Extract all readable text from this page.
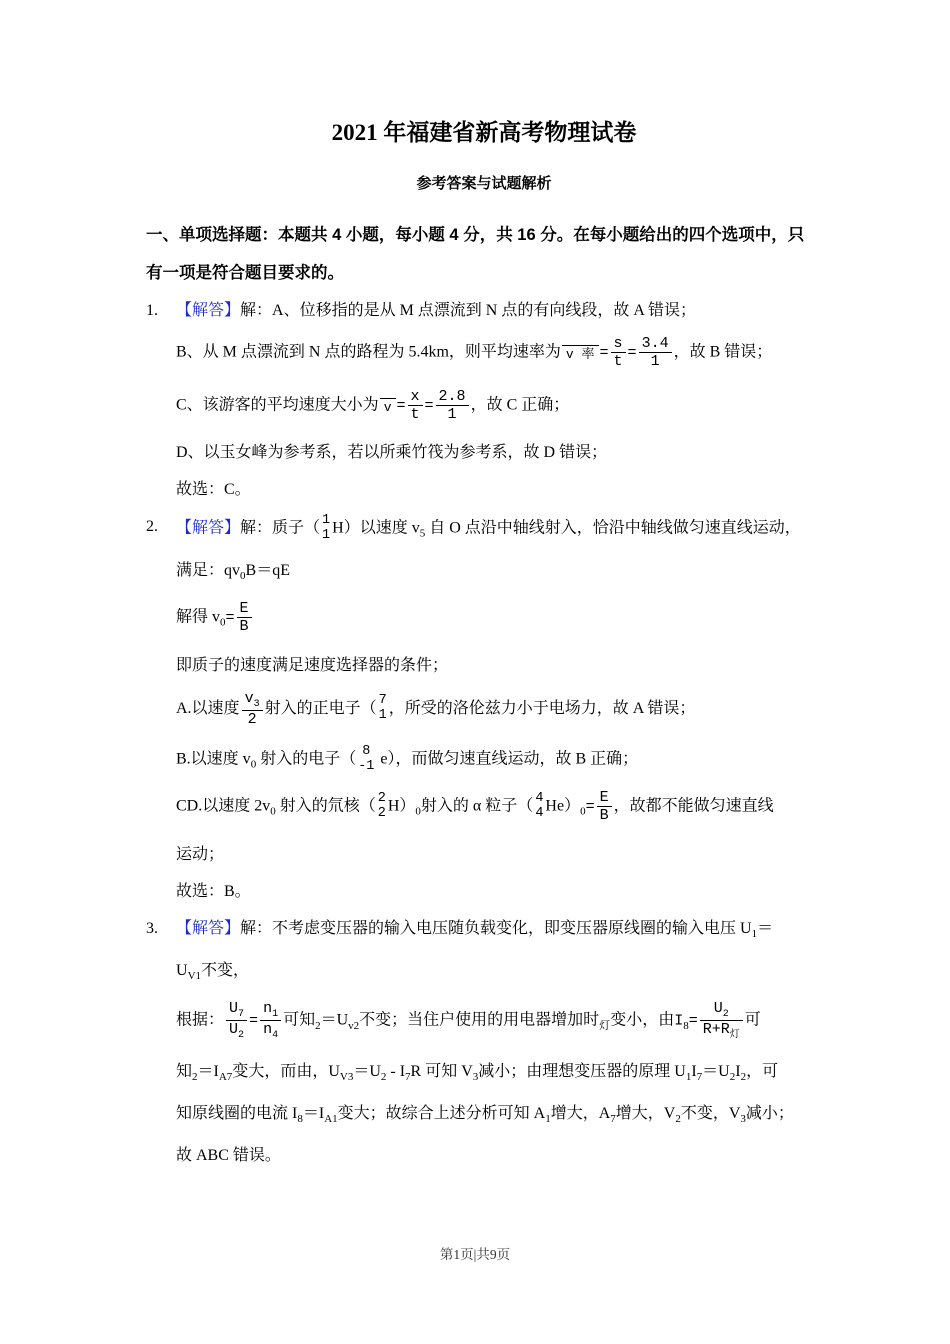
2021 年福建省新高考物理试卷
参考答案与试题解析
一、单项选择题：本题共 4 小题，每小题 4 分，共 16 分。在每小题给出的四个选项中，只
有一项是符合题目要求的。
1. 【解答】解：A、位移指的是从 M 点漂流到 N 点的有向线段，故 A 错误；
B、从 M 点漂流到 N 点的路程为 5.4km，则平均速率为 v 率 = $\frac{s}{t} = \frac{3.4}{1}$ ，故 B 错误；
C、该游客的平均速度大小为 $v = \frac{x}{t} = \frac{2.8}{1}$ ，故 C 正确；
D、以玉女峰为参考系，若以所乘竹筏为参考系，故 D 错误；
故选：C。
2. 【解答】解：质子（ 1
1 H）以速度 $v_5$ 自 O 点沿中轴线射入，恰沿中轴线做匀速直线运动，
满足：$qv_0B=qE$
解得 $v_0= \frac{E}{B}$
即质子的速度满足速度选择器的条件；
A.以速度 $\frac{v_3}{2}$ 射入的正电子（ 7
1 ，所受的洛伦兹力小于电场力，故 A 错误；
B.以速度 $v_0$ 射入的电子（ 8
-1 e），而做匀速直线运动，故 B 正确；
CD.以速度 $2v_0$ 射入的氘核（ 2
2 $H)_0$射入的 α 粒子（ 4
4 $He)_0= \frac{E}{B}$ ，故都不能做匀速直线
运动；
故选：B。
3. 【解答】解：不考虑变压器的输入电压随负载变化，即变压器原线圈的输入电压 $U_1=$
$U_{V1}$不变，
根据： $\frac{U_7}{U_2} = \frac{n_1}{n_4}$ 可知$_2=U_{v2}$不变；当住户使用的用电器增加时$_灯$变小，由$I_8= \frac{U_2}{R+R_灯}$ 可
知$_2=I_{A7}$变大，而由，$U_{V3}=U_2 - I_7R$ 可知 $V_3$减小；由理想变压器的原理 $U_1I_7=U_2I_2$，可
知原线圈的电流 $I_8=I_{A1}$变大；故综合上述分析可知 $A_1$增大，$A_7$增大，$V_2$不变，$V_3$减小；
故 ABC 错误。
第1页|共9页
